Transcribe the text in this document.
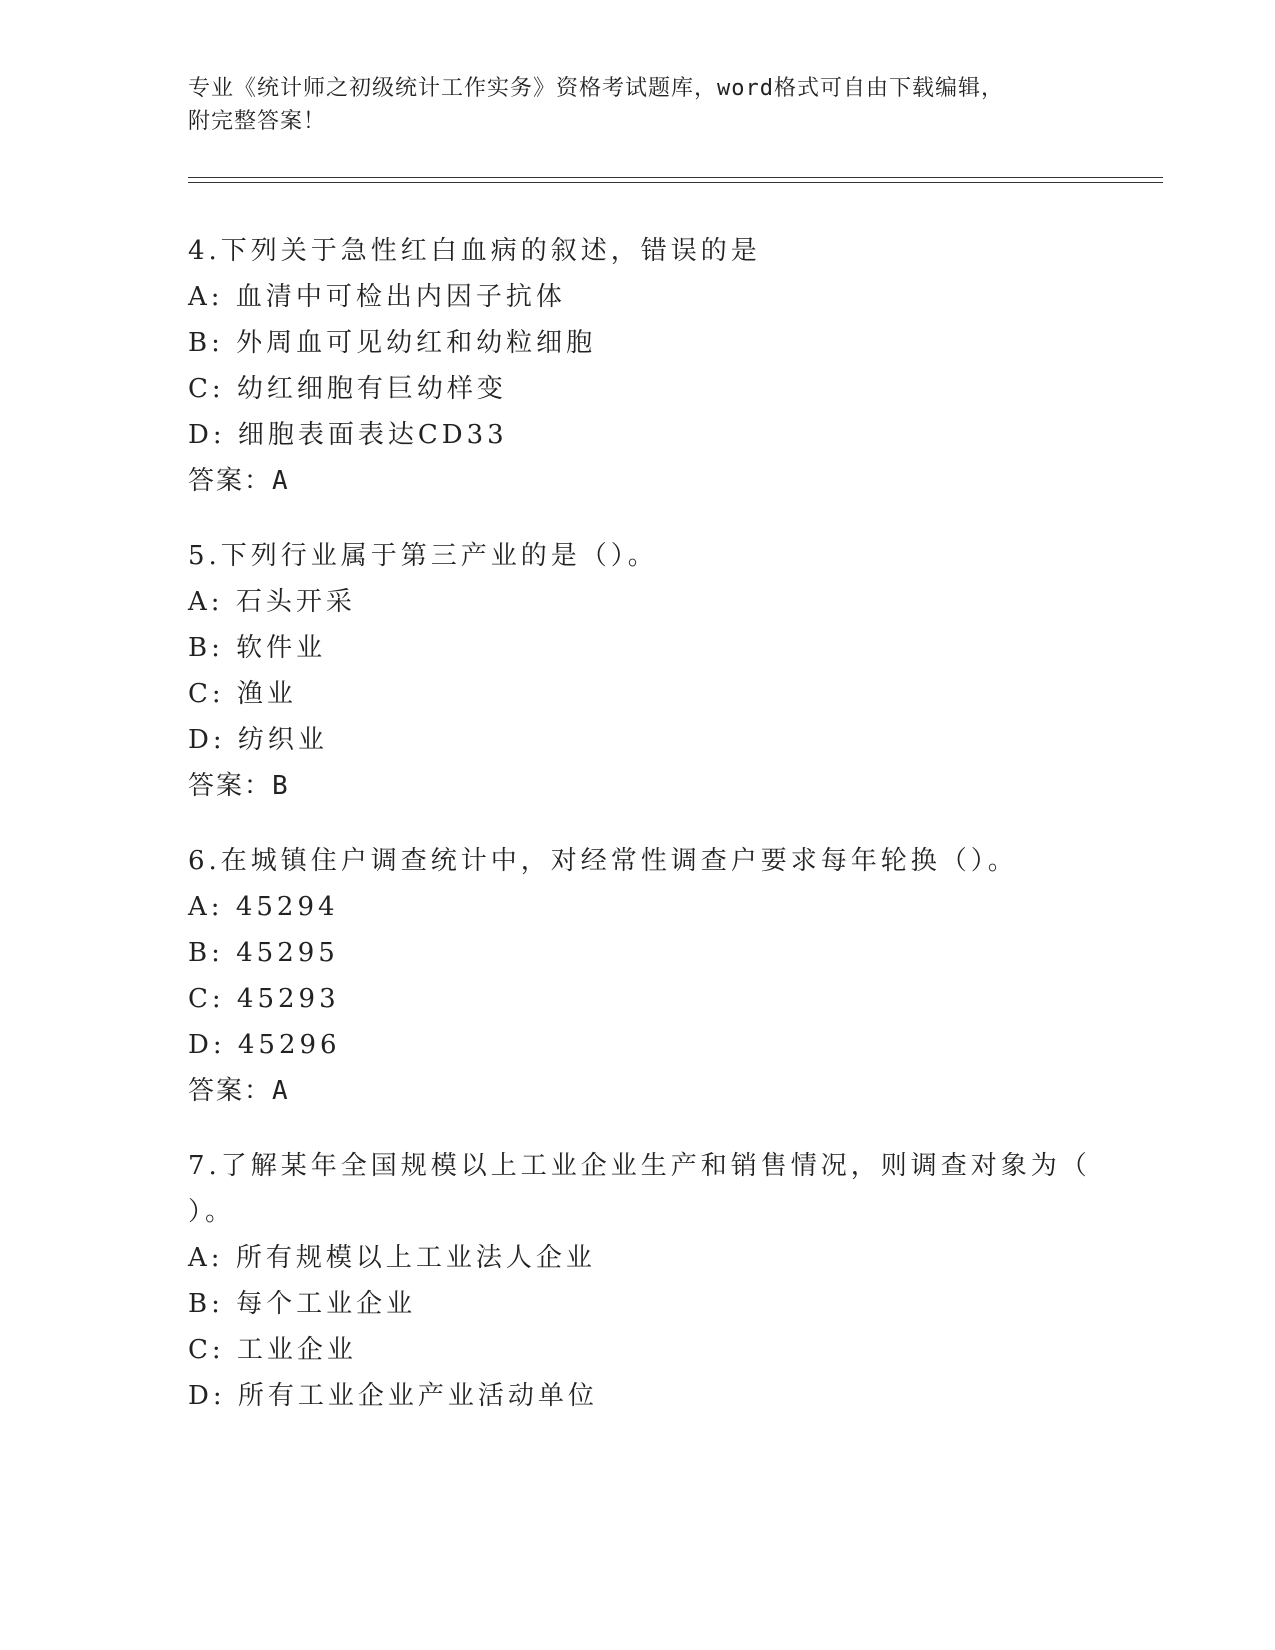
专业《统计师之初级统计工作实务》资格考试题库，word格式可自由下载编辑，
附完整答案！
4.下列关于急性红白血病的叙述，错误的是
A: 血清中可检出内因子抗体
B: 外周血可见幼红和幼粒细胞
C: 幼红细胞有巨幼样变
D: 细胞表面表达CD33
答案：A
5.下列行业属于第三产业的是（）。
A: 石头开采
B: 软件业
C: 渔业
D: 纺织业
答案：B
6.在城镇住户调查统计中，对经常性调查户要求每年轮换（）。
A: 45294
B: 45295
C: 45293
D: 45296
答案：A
7.了解某年全国规模以上工业企业生产和销售情况，则调查对象为（
）。
A: 所有规模以上工业法人企业
B: 每个工业企业
C: 工业企业
D: 所有工业企业产业活动单位
